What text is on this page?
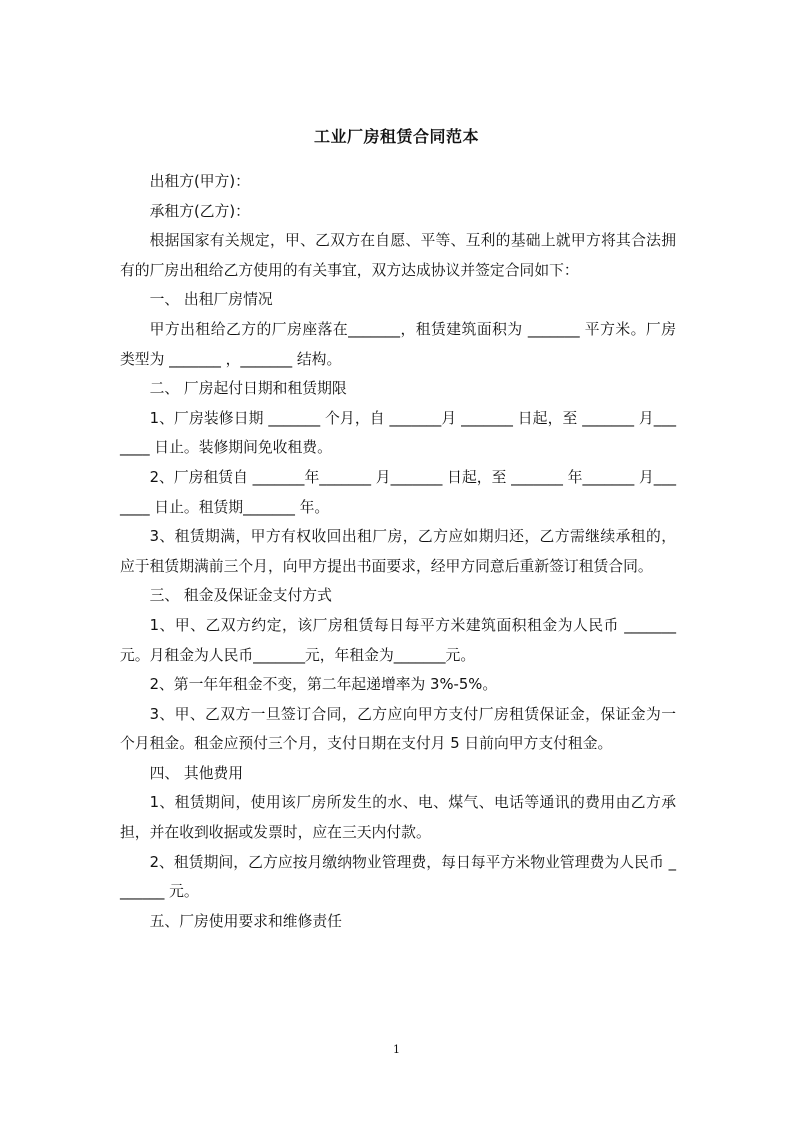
工业厂房租赁合同范本

出租方(甲方)：

承租方(乙方)：

根据国家有关规定，甲、乙双方在自愿、平等、互利的基础上就甲方将其合法拥有的厂房出租给乙方使用的有关事宜，双方达成协议并签定合同如下：

一、 出租厂房情况

甲方出租给乙方的厂房座落在_______，租赁建筑面积为 _______ 平方米。厂房类型为 _______ ，_______ 结构。

二、 厂房起付日期和租赁期限

1、厂房装修日期 _______ 个月，自 _______月 _______ 日起，至 _______ 月_______ 日止。装修期间免收租费。

2、厂房租赁自 _______年_______ 月_______ 日起，至 _______ 年_______ 月_______ 日止。租赁期_______ 年。

3、租赁期满，甲方有权收回出租厂房，乙方应如期归还，乙方需继续承租的，应于租赁期满前三个月，向甲方提出书面要求，经甲方同意后重新签订租赁合同。

三、 租金及保证金支付方式

1、甲、乙双方约定，该厂房租赁每日每平方米建筑面积租金为人民币 _______元。月租金为人民币_______元，年租金为_______元。

2、第一年年租金不变，第二年起递增率为 3%-5%。

3、甲、乙双方一旦签订合同，乙方应向甲方支付厂房租赁保证金，保证金为一个月租金。租金应预付三个月，支付日期在支付月 5 日前向甲方支付租金。

四、 其他费用

1、租赁期间，使用该厂房所发生的水、电、煤气、电话等通讯的费用由乙方承担，并在收到收据或发票时，应在三天内付款。

2、租赁期间，乙方应按月缴纳物业管理费，每日每平方米物业管理费为人民币 _______ 元。

五、厂房使用要求和维修责任

1
